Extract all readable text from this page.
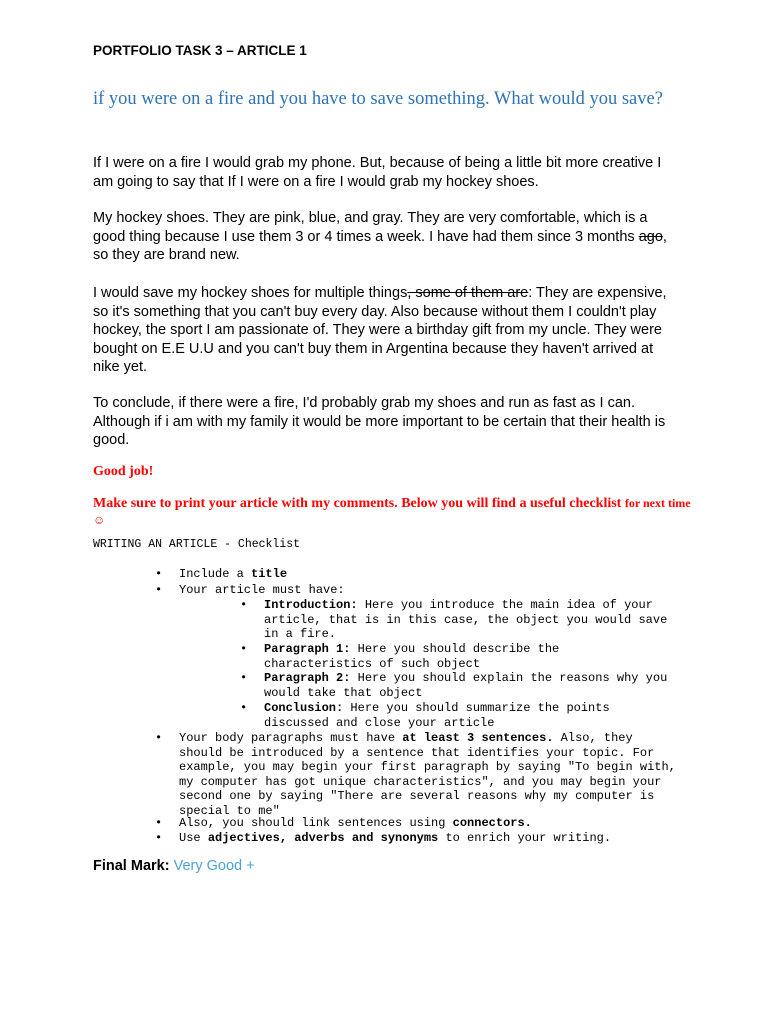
PORTFOLIO TASK 3 – ARTICLE 1
if you were on a fire and you have to save something. What would you save?

If I were on a fire I would grab my phone. But, because of being a little bit more creative I am going to say that If I were on a fire I would grab my hockey shoes.

My hockey shoes. They are pink, blue, and gray. They are very comfortable, which is a good thing because I use them 3 or 4 times a week. I have had them since 3 months ago, so they are brand new.

I would save my hockey shoes for multiple things, some of them are: They are expensive, so it's something that you can't buy every day. Also because without them I couldn't play hockey, the sport I am passionate of. They were a birthday gift from my uncle. They were bought on E.E U.U and you can't buy them in Argentina because they haven't arrived at nike yet.

To conclude, if there were a fire, I'd probably grab my shoes and run as fast as I can. Although if i am with my family it would be more important to be certain that their health is good.

Good job!
Make sure to print your article with my comments. Below you will find a useful checklist for next time ☺
WRITING AN ARTICLE - Checklist
•	Include a title
•	Your article must have:
•	Introduction: Here you introduce the main idea of your article, that is in this case, the object you would save in a fire.
•	Paragraph 1: Here you should describe the characteristics of such object
•	Paragraph 2: Here you should explain the reasons why you would take that object
•	Conclusion: Here you should summarize the points discussed and close your article
•	Your body paragraphs must have at least 3 sentences. Also, they should be introduced by a sentence that identifies your topic. For example, you may begin your first paragraph by saying "To begin with, my computer has got unique characteristics", and you may begin your second one by saying "There are several reasons why my computer is special to me"
•	Also, you should link sentences using connectors.
•	Use adjectives, adverbs and synonyms to enrich your writing.
Final Mark: Very Good +
